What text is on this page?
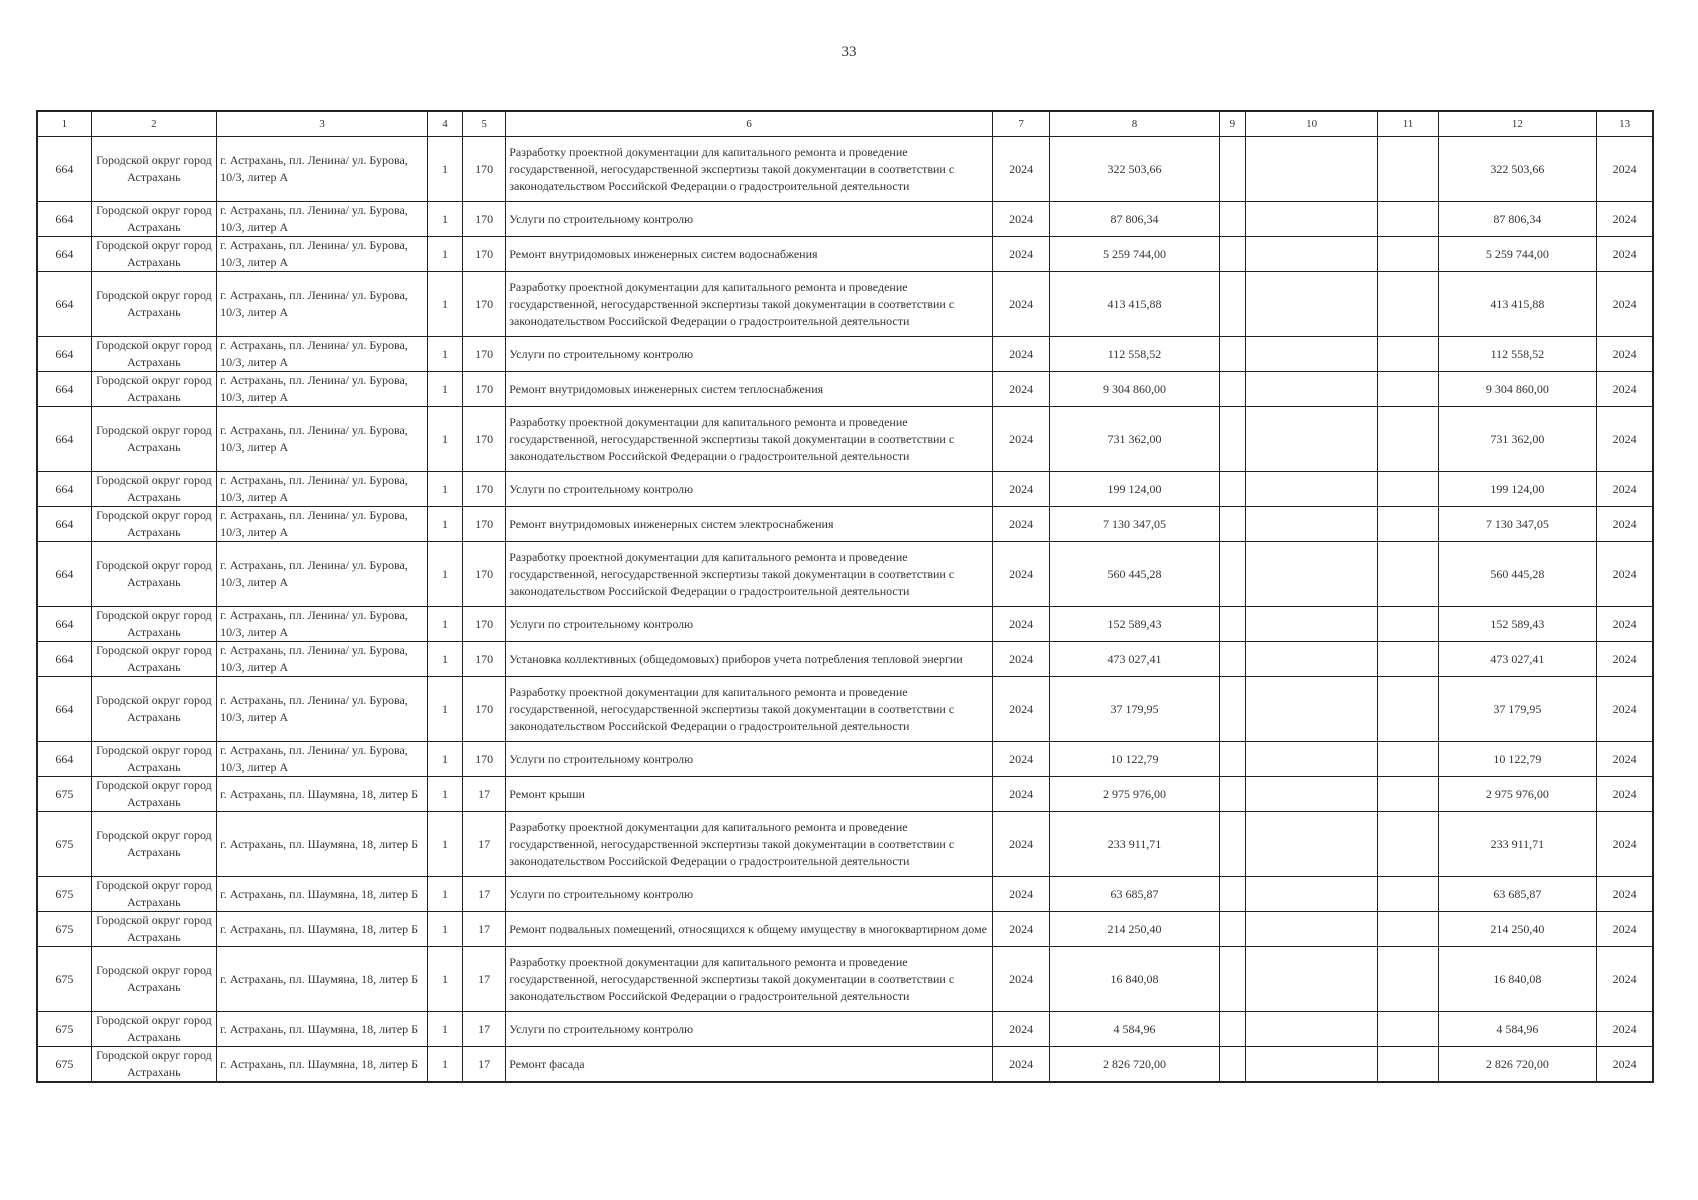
33
1	2	3	4	5	6	7	8	9	10	11	12	13
664	Городской округ город Астрахань	г. Астрахань, пл. Ленина/ ул. Бурова, 10/3, литер А	1	170	Разработку проектной документации для капитального ремонта и проведение государственной, негосударственной экспертизы такой документации в соответствии с законодательством Российской Федерации о градостроительной деятельности	2024	322 503,66				322 503,66	2024
664	Городской округ город Астрахань	г. Астрахань, пл. Ленина/ ул. Бурова, 10/3, литер А	1	170	Услуги по строительному контролю	2024	87 806,34				87 806,34	2024
664	Городской округ город Астрахань	г. Астрахань, пл. Ленина/ ул. Бурова, 10/3, литер А	1	170	Ремонт внутридомовых инженерных систем водоснабжения	2024	5 259 744,00				5 259 744,00	2024
664	Городской округ город Астрахань	г. Астрахань, пл. Ленина/ ул. Бурова, 10/3, литер А	1	170	Разработку проектной документации для капитального ремонта и проведение государственной, негосударственной экспертизы такой документации в соответствии с законодательством Российской Федерации о градостроительной деятельности	2024	413 415,88				413 415,88	2024
664	Городской округ город Астрахань	г. Астрахань, пл. Ленина/ ул. Бурова, 10/3, литер А	1	170	Услуги по строительному контролю	2024	112 558,52				112 558,52	2024
664	Городской округ город Астрахань	г. Астрахань, пл. Ленина/ ул. Бурова, 10/3, литер А	1	170	Ремонт внутридомовых инженерных систем теплоснабжения	2024	9 304 860,00				9 304 860,00	2024
664	Городской округ город Астрахань	г. Астрахань, пл. Ленина/ ул. Бурова, 10/3, литер А	1	170	Разработку проектной документации для капитального ремонта и проведение государственной, негосударственной экспертизы такой документации в соответствии с законодательством Российской Федерации о градостроительной деятельности	2024	731 362,00				731 362,00	2024
664	Городской округ город Астрахань	г. Астрахань, пл. Ленина/ ул. Бурова, 10/3, литер А	1	170	Услуги по строительному контролю	2024	199 124,00				199 124,00	2024
664	Городской округ город Астрахань	г. Астрахань, пл. Ленина/ ул. Бурова, 10/3, литер А	1	170	Ремонт внутридомовых инженерных систем электроснабжения	2024	7 130 347,05				7 130 347,05	2024
664	Городской округ город Астрахань	г. Астрахань, пл. Ленина/ ул. Бурова, 10/3, литер А	1	170	Разработку проектной документации для капитального ремонта и проведение государственной, негосударственной экспертизы такой документации в соответствии с законодательством Российской Федерации о градостроительной деятельности	2024	560 445,28				560 445,28	2024
664	Городской округ город Астрахань	г. Астрахань, пл. Ленина/ ул. Бурова, 10/3, литер А	1	170	Услуги по строительному контролю	2024	152 589,43				152 589,43	2024
664	Городской округ город Астрахань	г. Астрахань, пл. Ленина/ ул. Бурова, 10/3, литер А	1	170	Установка коллективных (общедомовых) приборов учета потребления тепловой энергии	2024	473 027,41				473 027,41	2024
664	Городской округ город Астрахань	г. Астрахань, пл. Ленина/ ул. Бурова, 10/3, литер А	1	170	Разработку проектной документации для капитального ремонта и проведение государственной, негосударственной экспертизы такой документации в соответствии с законодательством Российской Федерации о градостроительной деятельности	2024	37 179,95				37 179,95	2024
664	Городской округ город Астрахань	г. Астрахань, пл. Ленина/ ул. Бурова, 10/3, литер А	1	170	Услуги по строительному контролю	2024	10 122,79				10 122,79	2024
675	Городской округ город Астрахань	г. Астрахань, пл. Шаумяна, 18, литер Б	1	17	Ремонт крыши	2024	2 975 976,00				2 975 976,00	2024
675	Городской округ город Астрахань	г. Астрахань, пл. Шаумяна, 18, литер Б	1	17	Разработку проектной документации для капитального ремонта и проведение государственной, негосударственной экспертизы такой документации в соответствии с законодательством Российской Федерации о градостроительной деятельности	2024	233 911,71				233 911,71	2024
675	Городской округ город Астрахань	г. Астрахань, пл. Шаумяна, 18, литер Б	1	17	Услуги по строительному контролю	2024	63 685,87				63 685,87	2024
675	Городской округ город Астрахань	г. Астрахань, пл. Шаумяна, 18, литер Б	1	17	Ремонт подвальных помещений, относящихся к общему имуществу в многоквартирном доме	2024	214 250,40				214 250,40	2024
675	Городской округ город Астрахань	г. Астрахань, пл. Шаумяна, 18, литер Б	1	17	Разработку проектной документации для капитального ремонта и проведение государственной, негосударственной экспертизы такой документации в соответствии с законодательством Российской Федерации о градостроительной деятельности	2024	16 840,08				16 840,08	2024
675	Городской округ город Астрахань	г. Астрахань, пл. Шаумяна, 18, литер Б	1	17	Услуги по строительному контролю	2024	4 584,96				4 584,96	2024
675	Городской округ город Астрахань	г. Астрахань, пл. Шаумяна, 18, литер Б	1	17	Ремонт фасада	2024	2 826 720,00				2 826 720,00	2024
